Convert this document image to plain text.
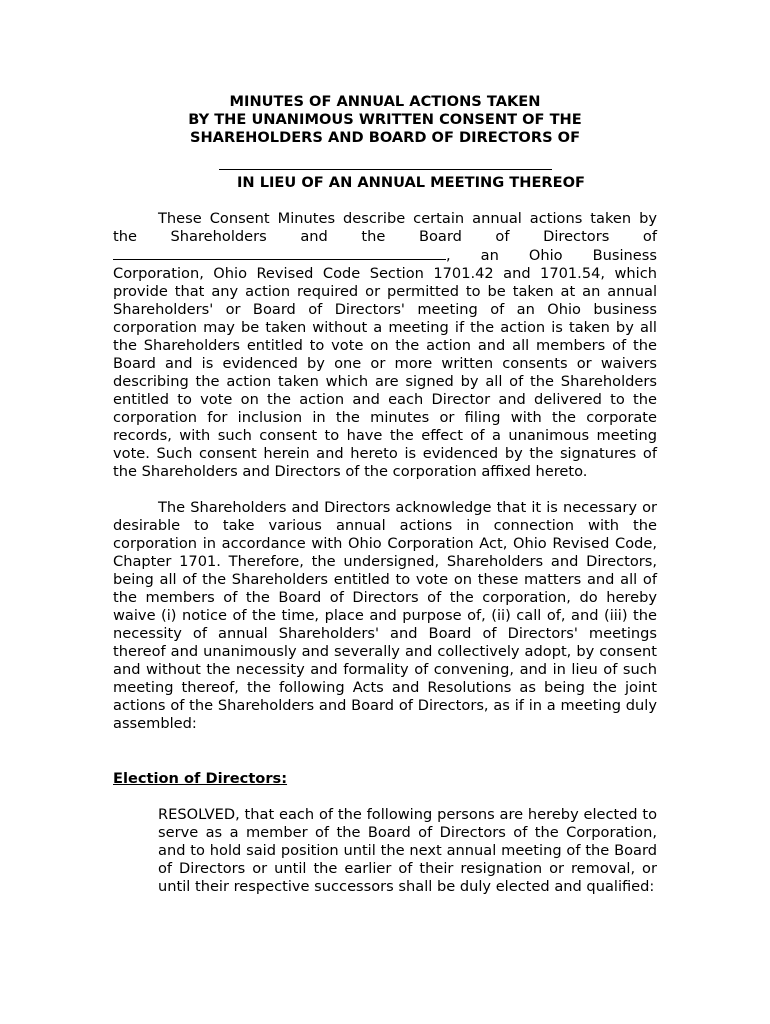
MINUTES OF ANNUAL ACTIONS TAKEN
BY THE UNANIMOUS WRITTEN CONSENT OF THE
SHAREHOLDERS AND BOARD OF DIRECTORS OF
IN LIEU OF AN ANNUAL MEETING THEREOF

These Consent Minutes describe certain annual actions taken by the Shareholders and the Board of Directors of , an Ohio Business Corporation, Ohio Revised Code Section 1701.42 and 1701.54, which provide that any action required or permitted to be taken at an annual Shareholders' or Board of Directors' meeting of an Ohio business corporation may be taken without a meeting if the action is taken by all the Shareholders entitled to vote on the action and all members of the Board and is evidenced by one or more written consents or waivers describing the action taken which are signed by all of the Shareholders entitled to vote on the action and each Director and delivered to the corporation for inclusion in the minutes or filing with the corporate records, with such consent to have the effect of a unanimous meeting vote. Such consent herein and hereto is evidenced by the signatures of the Shareholders and Directors of the corporation affixed hereto.

The Shareholders and Directors acknowledge that it is necessary or desirable to take various annual actions in connection with the corporation in accordance with Ohio Corporation Act, Ohio Revised Code, Chapter 1701. Therefore, the undersigned, Shareholders and Directors, being all of the Shareholders entitled to vote on these matters and all of the members of the Board of Directors of the corporation, do hereby waive (i) notice of the time, place and purpose of, (ii) call of, and (iii) the necessity of annual Shareholders' and Board of Directors' meetings thereof and unanimously and severally and collectively adopt, by consent and without the necessity and formality of convening, and in lieu of such meeting thereof, the following Acts and Resolutions as being the joint actions of the Shareholders and Board of Directors, as if in a meeting duly assembled:

Election of Directors:

RESOLVED, that each of the following persons are hereby elected to serve as a member of the Board of Directors of the Corporation, and to hold said position until the next annual meeting of the Board of Directors or until the earlier of their resignation or removal, or until their respective successors shall be duly elected and qualified:
